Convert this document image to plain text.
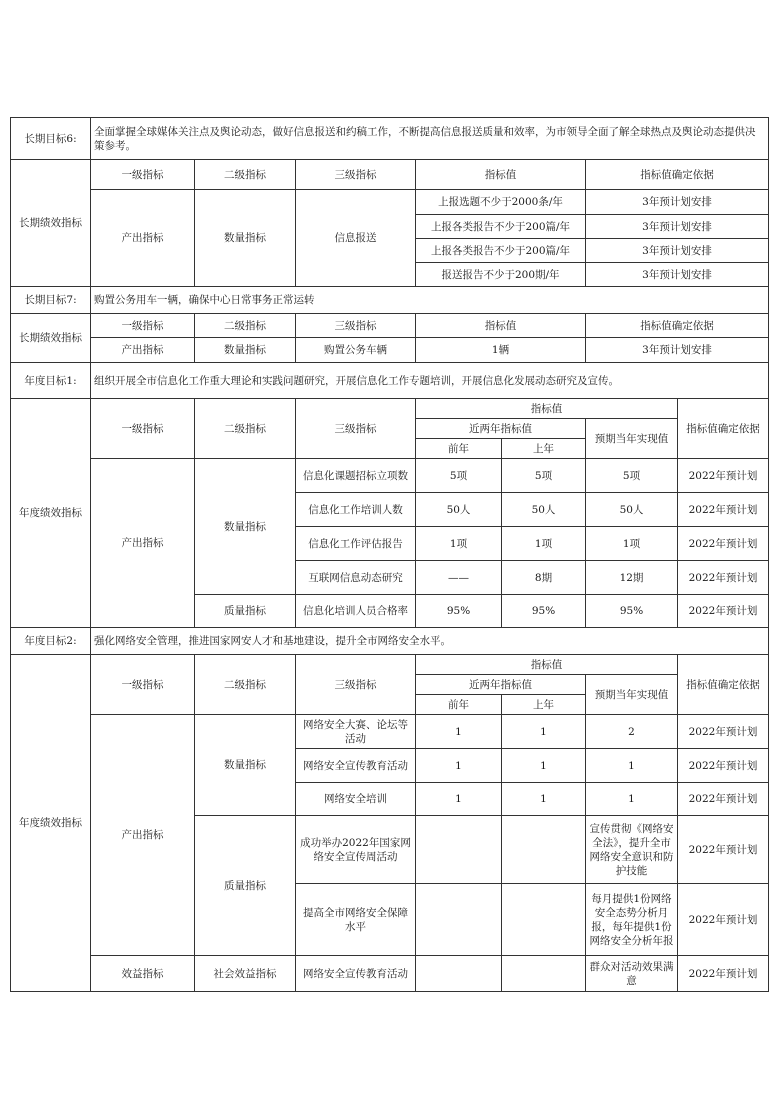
长期目标6:	全面掌握全球媒体关注点及舆论动态，做好信息报送和约稿工作，不断提高信息报送质量和效率，为市领导全面了解全球热点及舆论动态提供决策参考。						
长期绩效指标	一级指标	二级指标	三级指标	指标值		指标值确定依据	
	产出指标	数量指标	信息报送	上报选题不少于2000条/年		3年预计划安排	
				上报各类报告不少于200篇/年		3年预计划安排	
				上报各类报告不少于200篇/年		3年预计划安排	
				报送报告不少于200期/年		3年预计划安排	
长期目标7:	购置公务用车一辆，确保中心日常事务正常运转						
长期绩效指标	一级指标	二级指标	三级指标	指标值		指标值确定依据	
	产出指标	数量指标	购置公务车辆	1辆		3年预计划安排	
年度目标1:	组织开展全市信息化工作重大理论和实践问题研究，开展信息化工作专题培训，开展信息化发展动态研究及宣传。						
年度绩效指标	一级指标	二级指标	三级指标	指标值			指标值确定依据
				近两年指标值		预期当年实现值	
				前年	上年		
	产出指标	数量指标	信息化课题招标立项数	5项	5项	5项	2022年预计划
			信息化工作培训人数	50人	50人	50人	2022年预计划
			信息化工作评估报告	1项	1项	1项	2022年预计划
			互联网信息动态研究	——	8期	12期	2022年预计划
		质量指标	信息化培训人员合格率	95%	95%	95%	2022年预计划
年度目标2:	强化网络安全管理，推进国家网安人才和基地建设，提升全市网络安全水平。						
年度绩效指标	一级指标	二级指标	三级指标	指标值			指标值确定依据
				近两年指标值		预期当年实现值	
				前年	上年		
	产出指标	数量指标	网络安全大赛、论坛等活动	1	1	2	2022年预计划
			网络安全宣传教育活动	1	1	1	2022年预计划
			网络安全培训	1	1	1	2022年预计划
		质量指标	成功举办2022年国家网络安全宣传周活动			宣传贯彻《网络安全法》，提升全市网络安全意识和防护技能	2022年预计划
			提高全市网络安全保障水平			每月提供1份网络安全态势分析月报，每年提供1份网络安全分析年报	2022年预计划
	效益指标	社会效益指标	网络安全宣传教育活动			群众对活动效果满意	2022年预计划
